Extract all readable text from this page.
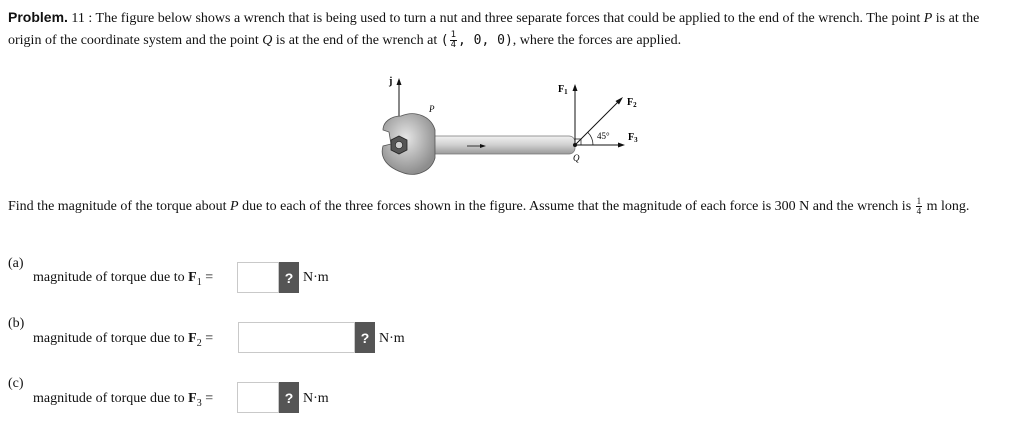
Problem. 11 : The figure below shows a wrench that is being used to turn a nut and three separate forces that could be applied to the end of the wrench. The point P is at the origin of the coordinate system and the point Q is at the end of the wrench at ( $\frac{1}{4}$ , 0, 0), where the forces are applied.
j
P
Q
$F_1$
$F_2$
$F_3$
45°
Find the magnitude of the torque about P due to each of the three forces shown in the figure. Assume that the magnitude of each force is 300 N and the wrench is $\frac{1}{4}$ m long.
(a)
magnitude of torque due to $F_1$ =	? N·m
(b)
magnitude of torque due to $F_2$ =	? N·m
(c)
magnitude of torque due to $F_3$ =	? N·m
